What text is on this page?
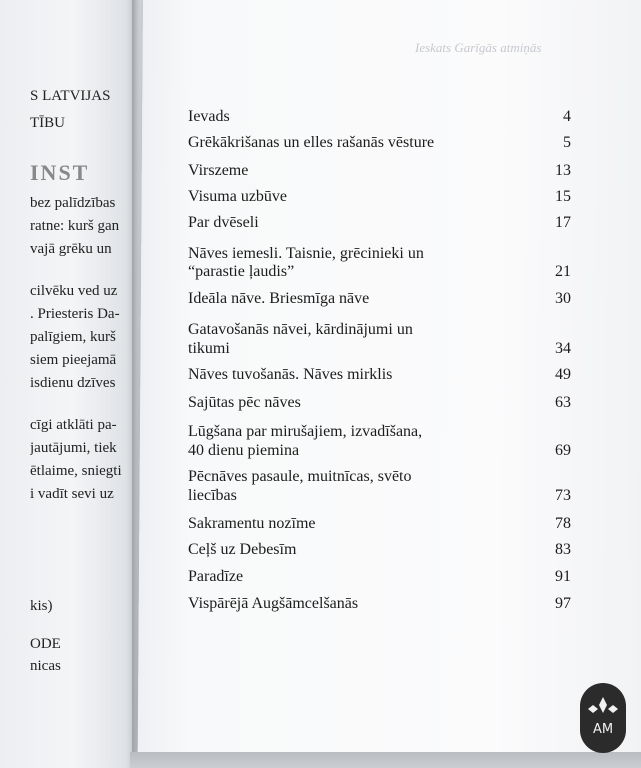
S LATVIJAS
TĪBU
INST
bez palīdzības
ratne: kurš gan
vajā grēku un
cilvēku ved uz
. Priesteris Da-
palīgiem, kurš
siem pieejamā
isdienu dzīves
cīgi atklāti pa-
jautājumi, tiek
ētlaime, sniegti
i vadīt sevi uz
kis)
ODE
nicas
Ieskats Garīgās atmiņās
Ievads	4
Grēkākrišanas un elles rašanās vēsture	5
Virszeme	13
Visuma uzbūve	15
Par dvēseli	17
Nāves iemesli. Taisnie, grēcinieki un
“parastie ļaudis”	21
Ideāla nāve. Briesmīga nāve	30
Gatavošanās nāvei, kārdinājumi un
tikumi	34
Nāves tuvošanās. Nāves mirklis	49
Sajūtas pēc nāves	63
Lūgšana par mirušajiem, izvadīšana,
40 dienu pieminа	69
Pēcnāves pasaule, muitnīcas, svēto
liecības	73
Sakramentu nozīme	78
Ceļš uz Debesīm	83
Paradīze	91
Vispārējā Augšāmcelšanās	97
AM
